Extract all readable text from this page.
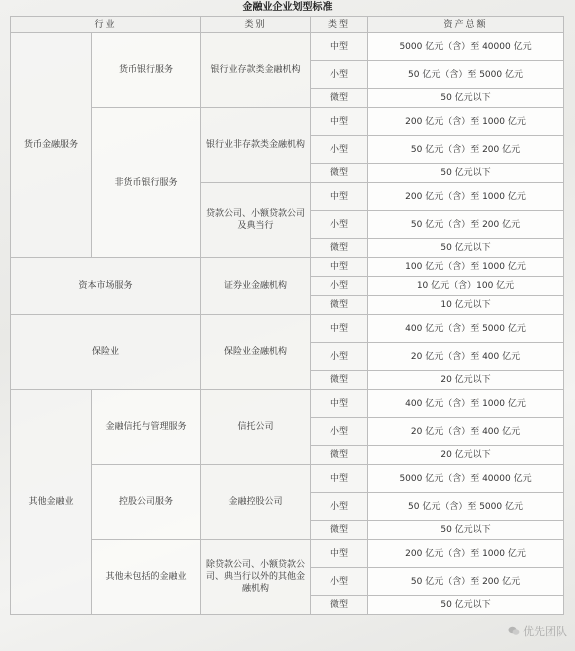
金融业企业划型标准
行业		类别	类型	资产总额
货币金融服务	货币银行服务	银行业存款类金融机构	中型	5000 亿元（含）至 40000 亿元
			小型	50 亿元（含）至 5000 亿元
			微型	50 亿元以下
	非货币银行服务	银行业非存款类金融机构	中型	200 亿元（含）至 1000 亿元
			小型	50 亿元（含）至 200 亿元
			微型	50 亿元以下
		贷款公司、小额贷款公司及典当行	中型	200 亿元（含）至 1000 亿元
			小型	50 亿元（含）至 200 亿元
			微型	50 亿元以下
资本市场服务		证券业金融机构	中型	100 亿元（含）至 1000 亿元
			小型	10 亿元（含）100 亿元
			微型	10 亿元以下
保险业		保险业金融机构	中型	400 亿元（含）至 5000 亿元
			小型	20 亿元（含）至 400 亿元
			微型	20 亿元以下
其他金融业	金融信托与管理服务	信托公司	中型	400 亿元（含）至 1000 亿元
			小型	20 亿元（含）至 400 亿元
			微型	20 亿元以下
	控股公司服务	金融控股公司	中型	5000 亿元（含）至 40000 亿元
			小型	50 亿元（含）至 5000 亿元
			微型	50 亿元以下
	其他未包括的金融业	除贷款公司、小额贷款公司、典当行以外的其他金融机构	中型	200 亿元（含）至 1000 亿元
			小型	50 亿元（含）至 200 亿元
			微型	50 亿元以下
优先团队
